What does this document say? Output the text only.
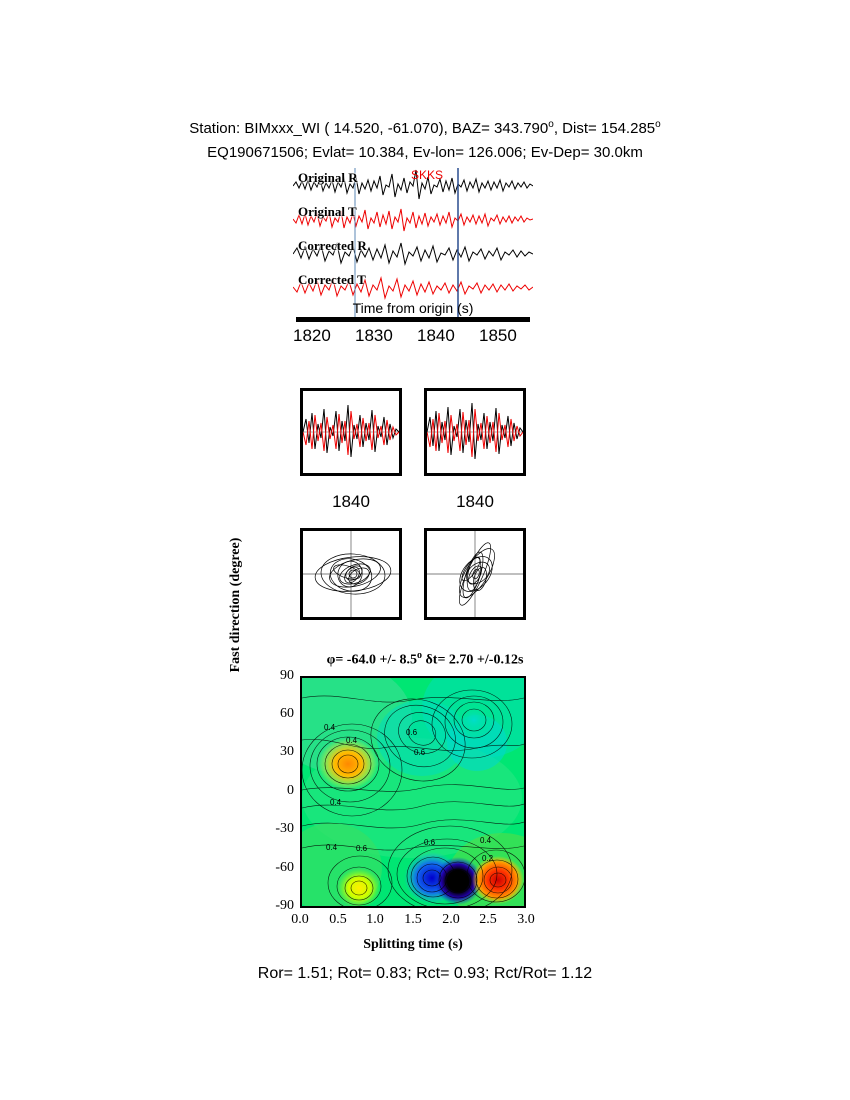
Station: BIMxxx_WI ( 14.520, -61.070), $BAZ= 343.790^o$, Dist= $154.285^o$
EQ190671506; Evlat= 10.384, Ev-lon= 126.006; Ev-Dep= 30.0km
SKKS
Original R
Original T
Corrected R
Corrected T
Time from origin (s)
1820 1830 1840 1850
1840	1840
φ= -64.0 +/- 8.5$^o$ δt= 2.70 +/-0.12s
0.4
0.4
0.6
0.6
0.4
0.4 0.6
0.6	0.4
0.2
Fast direction (degree)
90
60
30
0
-30
-60
-90
0.0	0.5	1.0	1.5	2.0	2.5	3.0
Splitting time (s)
Ror= 1.51; Rot= 0.83; Rct= 0.93; Rct/Rot= 1.12
